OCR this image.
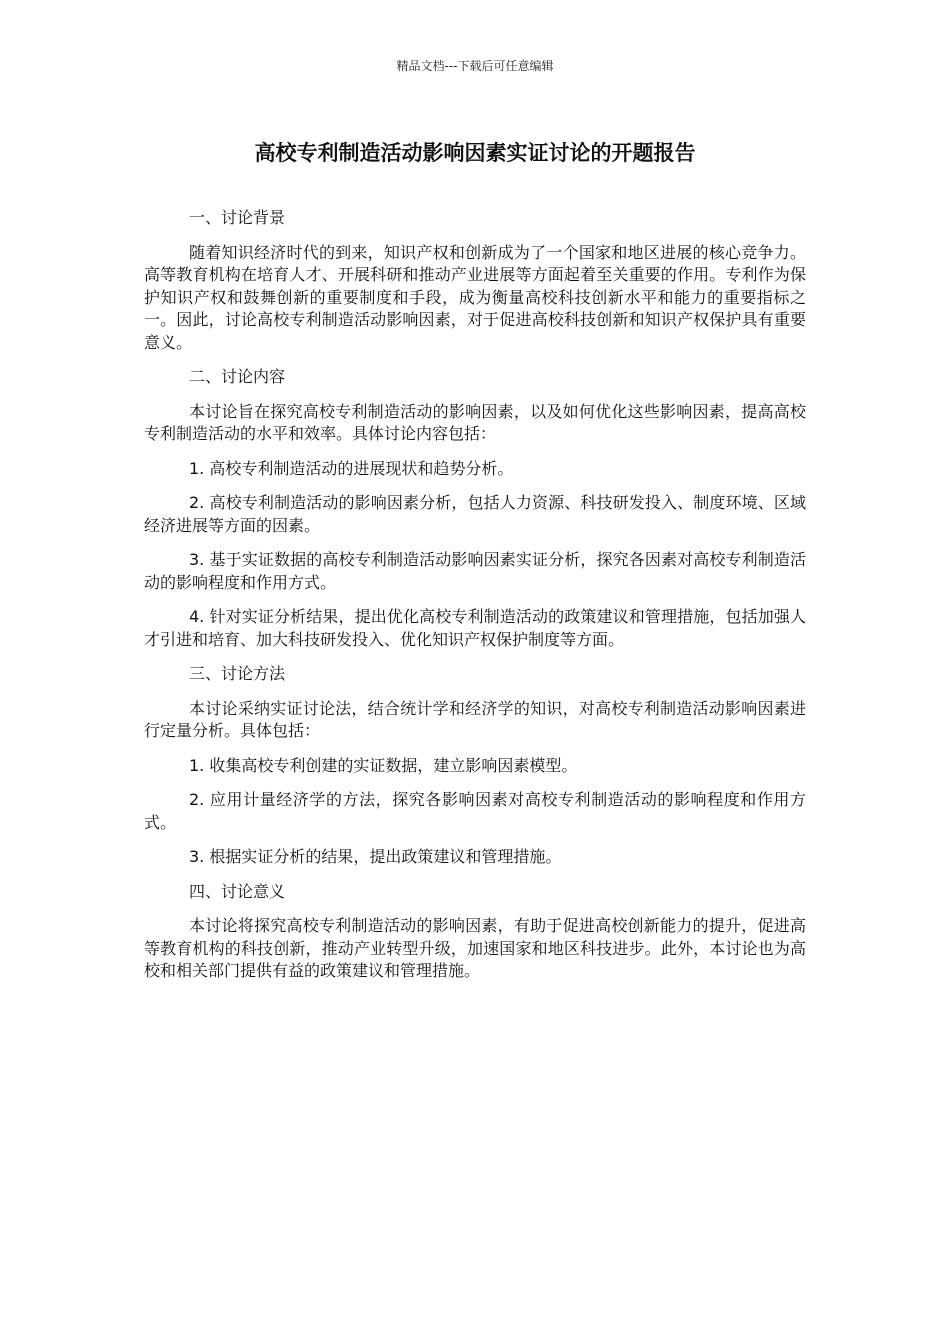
精品文档---下载后可任意编辑
高校专利制造活动影响因素实证讨论的开题报告

一、讨论背景

随着知识经济时代的到来，知识产权和创新成为了一个国家和地区进展的核心竞争力。高等教育机构在培育人才、开展科研和推动产业进展等方面起着至关重要的作用。专利作为保护知识产权和鼓舞创新的重要制度和手段，成为衡量高校科技创新水平和能力的重要指标之一。因此，讨论高校专利制造活动影响因素，对于促进高校科技创新和知识产权保护具有重要意义。

二、讨论内容

本讨论旨在探究高校专利制造活动的影响因素，以及如何优化这些影响因素，提高高校专利制造活动的水平和效率。具体讨论内容包括：

1. 高校专利制造活动的进展现状和趋势分析。

2. 高校专利制造活动的影响因素分析，包括人力资源、科技研发投入、制度环境、区域经济进展等方面的因素。

3. 基于实证数据的高校专利制造活动影响因素实证分析，探究各因素对高校专利制造活动的影响程度和作用方式。

4. 针对实证分析结果，提出优化高校专利制造活动的政策建议和管理措施，包括加强人才引进和培育、加大科技研发投入、优化知识产权保护制度等方面。

三、讨论方法

本讨论采纳实证讨论法，结合统计学和经济学的知识，对高校专利制造活动影响因素进行定量分析。具体包括：

1. 收集高校专利创建的实证数据，建立影响因素模型。

2. 应用计量经济学的方法，探究各影响因素对高校专利制造活动的影响程度和作用方式。

3. 根据实证分析的结果，提出政策建议和管理措施。

四、讨论意义

本讨论将探究高校专利制造活动的影响因素，有助于促进高校创新能力的提升，促进高等教育机构的科技创新，推动产业转型升级，加速国家和地区科技进步。此外，本讨论也为高校和相关部门提供有益的政策建议和管理措施。
